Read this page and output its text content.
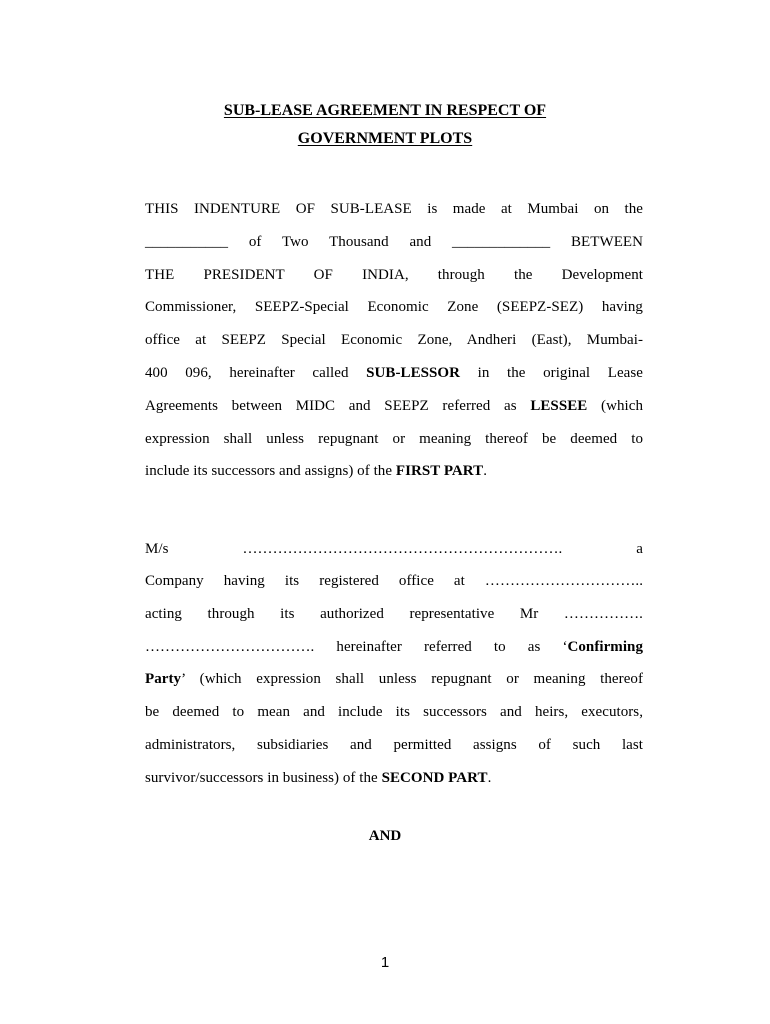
SUB-LEASE AGREEMENT IN RESPECT OF
GOVERNMENT PLOTS
THIS INDENTURE OF SUB-LEASE is made at Mumbai on the
___________ of Two Thousand and _____________ BETWEEN
THE PRESIDENT OF INDIA, through the Development
Commissioner, SEEPZ-Special Economic Zone (SEEPZ-SEZ) having
office at SEEPZ Special Economic Zone, Andheri (East), Mumbai-
400 096, hereinafter called SUB-LESSOR in the original Lease
Agreements between MIDC and SEEPZ referred as LESSEE (which
expression shall unless repugnant or meaning thereof be deemed to
include its successors and assigns) of the FIRST PART.
M/s ………………………………………………………. a
Company having its registered office at …………………………..
acting through its authorized representative Mr …………….
……………………………. hereinafter referred to as ‘Confirming
Party’ (which expression shall unless repugnant or meaning thereof
be deemed to mean and include its successors and heirs, executors,
administrators, subsidiaries and permitted assigns of such last
survivor/successors in business) of the SECOND PART.
AND
1
